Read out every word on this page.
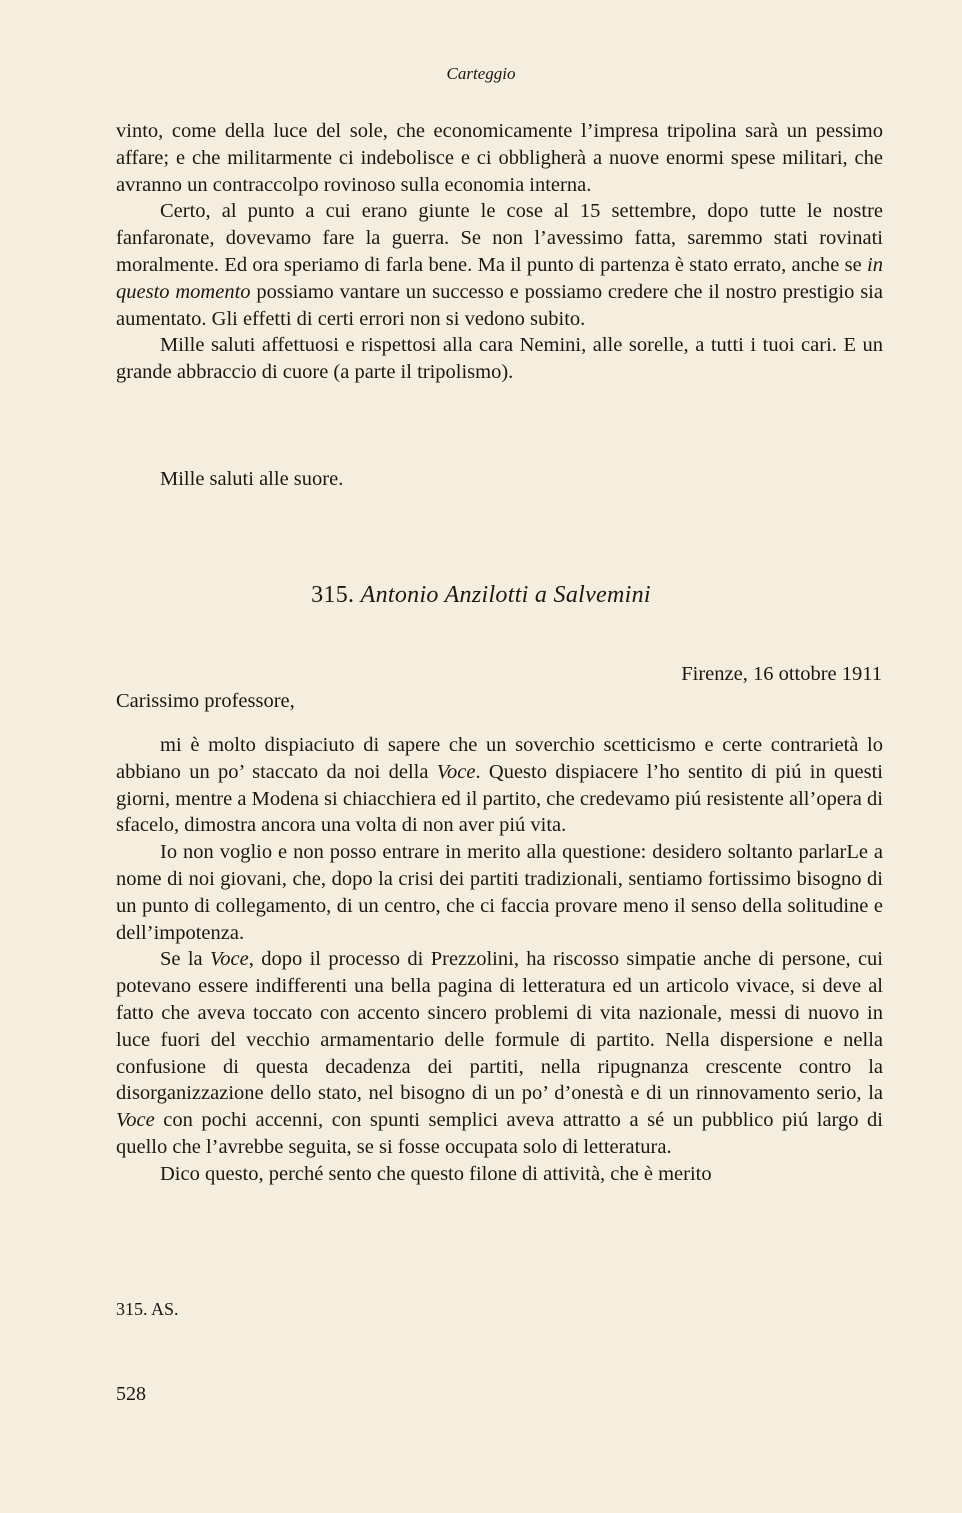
Carteggio

vinto, come della luce del sole, che economicamente l’impresa tripolina sarà un pessimo affare; e che militarmente ci indebolisce e ci obbligherà a nuove enormi spese militari, che avranno un contraccolpo rovinoso sulla economia interna.

Certo, al punto a cui erano giunte le cose al 15 settembre, dopo tutte le nostre fanfaronate, dovevamo fare la guerra. Se non l’avessimo fatta, saremmo stati rovinati moralmente. Ed ora speriamo di farla bene. Ma il punto di partenza è stato errato, anche se in questo momento possiamo vantare un successo e possiamo credere che il nostro prestigio sia aumentato. Gli effetti di certi errori non si vedono subito.

Mille saluti affettuosi e rispettosi alla cara Nemini, alle sorelle, a tutti i tuoi cari. E un grande abbraccio di cuore (a parte il tripolismo).

Mille saluti alle suore.

315. Antonio Anzilotti a Salvemini
Firenze, 16 ottobre 1911
Carissimo professore,

mi è molto dispiaciuto di sapere che un soverchio scetticismo e certe contrarietà lo abbiano un po’ staccato da noi della Voce. Questo dispiacere l’ho sentito di piú in questi giorni, mentre a Modena si chiacchiera ed il partito, che credevamo piú resistente all’opera di sfacelo, dimostra ancora una volta di non aver piú vita.

Io non voglio e non posso entrare in merito alla questione: desidero soltanto parlarLe a nome di noi giovani, che, dopo la crisi dei partiti tradizionali, sentiamo fortissimo bisogno di un punto di collegamento, di un centro, che ci faccia provare meno il senso della solitudine e dell’impotenza.

Se la Voce, dopo il processo di Prezzolini, ha riscosso simpatie anche di persone, cui potevano essere indifferenti una bella pagina di letteratura ed un articolo vivace, si deve al fatto che aveva toccato con accento sincero problemi di vita nazionale, messi di nuovo in luce fuori del vecchio armamentario delle formule di partito. Nella dispersione e nella confusione di questa decadenza dei partiti, nella ripugnanza crescente contro la disorganizzazione dello stato, nel bisogno di un po’ d’onestà e di un rinnovamento serio, la Voce con pochi accenni, con spunti semplici aveva attratto a sé un pubblico piú largo di quello che l’avrebbe seguita, se si fosse occupata solo di letteratura.

Dico questo, perché sento che questo filone di attività, che è merito

315. AS.
528
